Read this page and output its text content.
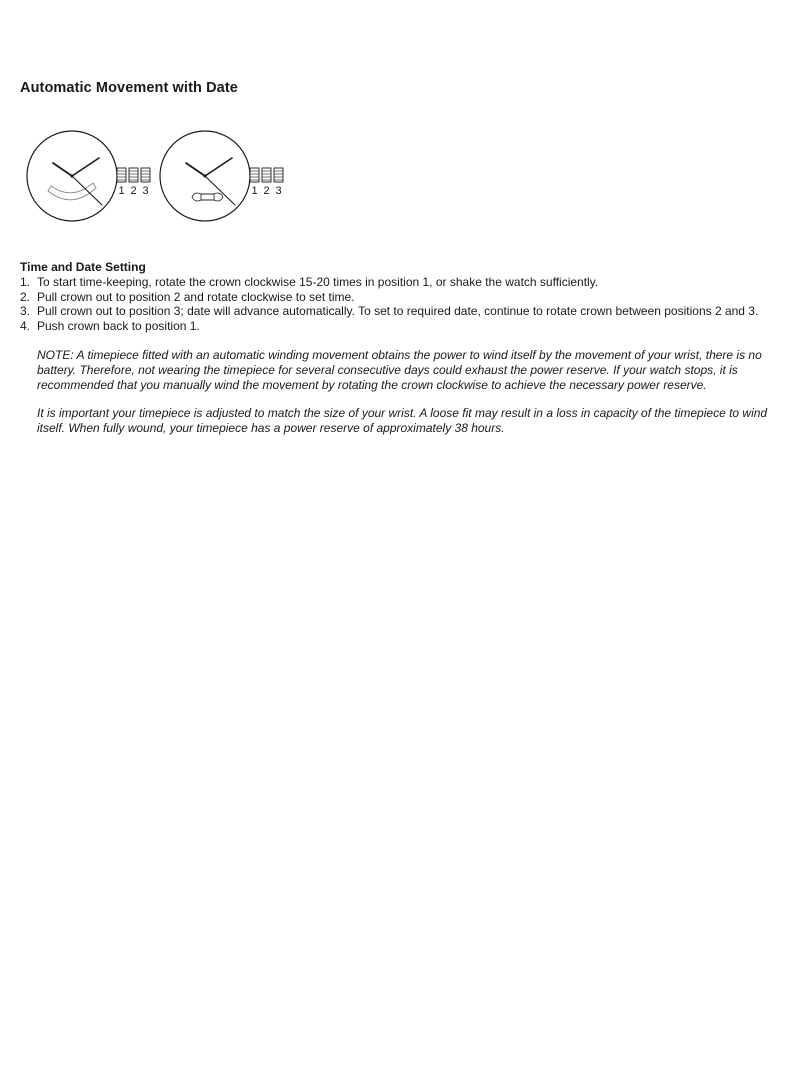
Automatic Movement with Date
1 2 3	1 2 3
Time and Date Setting
1. To start time-keeping, rotate the crown clockwise 15-20 times in position 1, or shake the watch sufficiently.
2. Pull crown out to position 2 and rotate clockwise to set time.
3. Pull crown out to position 3; date will advance automatically. To set to required date, continue to rotate crown between positions 2 and 3.
4. Push crown back to position 1.

NOTE: A timepiece fitted with an automatic winding movement obtains the power to wind itself by the movement of your wrist, there is no battery. Therefore, not wearing the timepiece for several consecutive days could exhaust the power reserve. If your watch stops, it is recommended that you manually wind the movement by rotating the crown clockwise to achieve the necessary power reserve.

It is important your timepiece is adjusted to match the size of your wrist. A loose fit may result in a loss in capacity of the timepiece to wind itself. When fully wound, your timepiece has a power reserve of approximately 38 hours.
